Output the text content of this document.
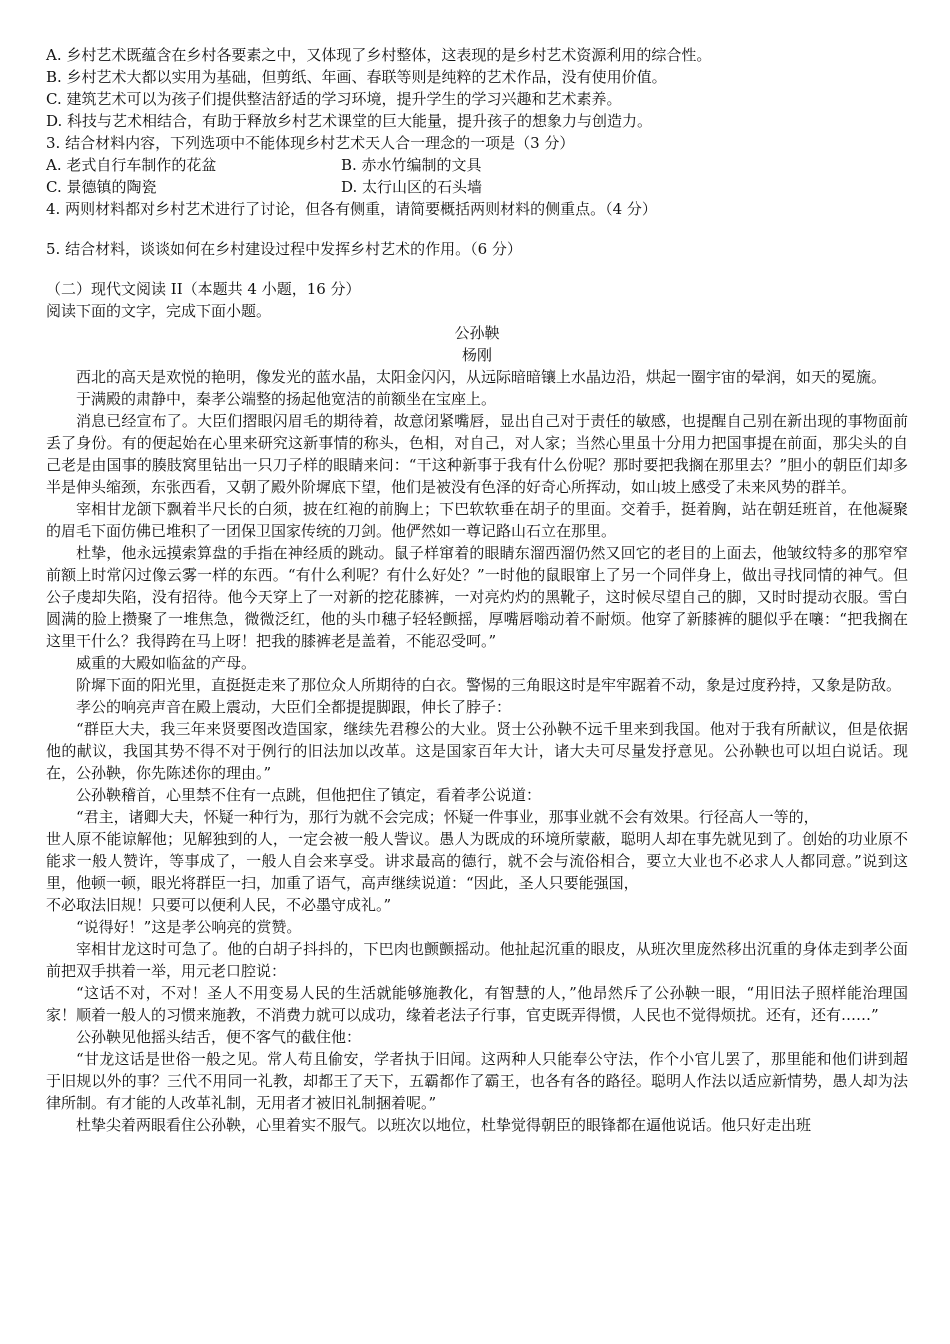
A. 乡村艺术既蕴含在乡村各要素之中，又体现了乡村整体，这表现的是乡村艺术资源利用的综合性。
B. 乡村艺术大都以实用为基础，但剪纸、年画、春联等则是纯粹的艺术作品，没有使用价值。
C. 建筑艺术可以为孩子们提供整洁舒适的学习环境，提升学生的学习兴趣和艺术素养。
D. 科技与艺术相结合，有助于释放乡村艺术课堂的巨大能量，提升孩子的想象力与创造力。
3. 结合材料内容，下列选项中不能体现乡村艺术天人合一理念的一项是（3 分）
A. 老式自行车制作的花盆	B. 赤水竹编制的文具
C. 景德镇的陶瓷	D. 太行山区的石头墙
4. 两则材料都对乡村艺术进行了讨论，但各有侧重，请简要概括两则材料的侧重点。（4 分）
5. 结合材料，谈谈如何在乡村建设过程中发挥乡村艺术的作用。（6 分）
（二）现代文阅读 II（本题共 4 小题，16 分）
阅读下面的文字，完成下面小题。
公孙鞅
杨刚
西北的高天是欢悦的艳明，像发光的蓝水晶，太阳金闪闪，从远际暗暗镶上水晶边沿，烘起一圈宇宙的晕润，如天的冕旒。
于满殿的肃静中，秦孝公端整的扬起他宽洁的前额坐在宝座上。
消息已经宣布了。大臣们摺眼闪眉毛的期待着，故意闭紧嘴唇，显出自己对于责任的敏感，也提醒自己别在新出现的事物面前丢了身份。有的便起始在心里来研究这新事情的称头，色相，对自己，对人家；当然心里虽十分用力把国事提在前面，那尖头的自己老是由国事的腠肢窝里钻出一只刀子样的眼睛来问：“干这种新事于我有什么份呢？那时要把我搁在那里去？”胆小的朝臣们却多半是伸头缩颈，东张西看，又朝了殿外阶墀底下望，他们是被没有色泽的好奇心所挥动，如山坡上感受了未来风势的群羊。
宰相甘龙颌下飘着半尺长的白须，披在红袍的前胸上；下巴软软垂在胡子的里面。交着手，挺着胸，站在朝廷班首，在他凝聚的眉毛下面仿佛已堆积了一团保卫国家传统的刀剑。他俨然如一尊记路山石立在那里。
杜挚，他永远摸索算盘的手指在神经质的跳动。鼠子样窜着的眼睛东溜西溜仍然又回它的老目的上面去，他皱纹特多的那窄窄前额上时常闪过像云雾一样的东西。“有什么利呢？有什么好处？”一时他的鼠眼窜上了另一个同伴身上，做出寻找同情的神气。但公子虔却失陷，没有招待。他今天穿上了一对新的挖花膝裤，一对亮灼灼的黑靴子，这时候尽望自己的脚，又时时提动衣服。雪白圆满的脸上攒聚了一堆焦急，微微泛红，他的头巾穗子轻轻颤摇，厚嘴唇嗡动着不耐烦。他穿了新膝裤的腿似乎在嚷：“把我搁在这里干什么？我得跨在马上呀！把我的膝裤老是盖着，不能忍受呵。”
威重的大殿如临盆的产母。
阶墀下面的阳光里，直挺挺走来了那位众人所期待的白衣。警惕的三角眼这时是牢牢踞着不动，象是过度矜持，又象是防敌。
孝公的响亮声音在殿上震动，大臣们全都提提脚跟，伸长了脖子：
“群臣大夫，我三年来贤要图改造国家，继续先君穆公的大业。贤士公孙鞅不远千里来到我国。他对于我有所献议，但是依据他的献议，我国其势不得不对于例行的旧法加以改革。这是国家百年大计，诸大夫可尽量发抒意见。公孙鞅也可以坦白说话。现在，公孙鞅，你先陈述你的理由。”
公孙鞅稽首，心里禁不住有一点跳，但他把住了镇定，看着孝公说道：
“君主，诸卿大夫，怀疑一种行为，那行为就不会完成；怀疑一件事业，那事业就不会有效果。行径高人一等的，
世人原不能谅解他；见解独到的人，一定会被一般人訾议。愚人为既成的环境所蒙蔽，聪明人却在事先就见到了。创始的功业原不能求一般人赞许，等事成了，一般人自会来享受。讲求最高的德行，就不会与流俗相合，要立大业也不必求人人都同意。”说到这里，他顿一顿，眼光将群臣一扫，加重了语气，高声继续说道：“因此，圣人只要能强国，
不必取法旧规！只要可以便利人民，不必墨守成礼。”
“说得好！”这是孝公响亮的赏赞。
宰相甘龙这时可急了。他的白胡子抖抖的，下巴肉也颤颤摇动。他扯起沉重的眼皮，从班次里庞然移出沉重的身体走到孝公面前把双手拱着一举，用元老口腔说：
“这话不对，不对！圣人不用变易人民的生活就能够施教化，有智慧的人，”他昂然斥了公孙鞅一眼，“用旧法子照样能治理国家！顺着一般人的习惯来施教，不消费力就可以成功，缘着老法子行事，官吏既弄得惯，人民也不觉得烦扰。还有，还有……”
公孙鞅见他摇头结舌，便不客气的截住他：
“甘龙这话是世俗一般之见。常人苟且偷安，学者执于旧闻。这两种人只能奉公守法，作个小官儿罢了，那里能和他们讲到超于旧规以外的事？三代不用同一礼教，却都王了天下，五霸都作了霸王，也各有各的路径。聪明人作法以适应新情势，愚人却为法律所制。有才能的人改革礼制，无用者才被旧礼制捆着呢。”
杜挚尖着两眼看住公孙鞅，心里着实不服气。以班次以地位，杜挚觉得朝臣的眼锋都在逼他说话。他只好走出班
